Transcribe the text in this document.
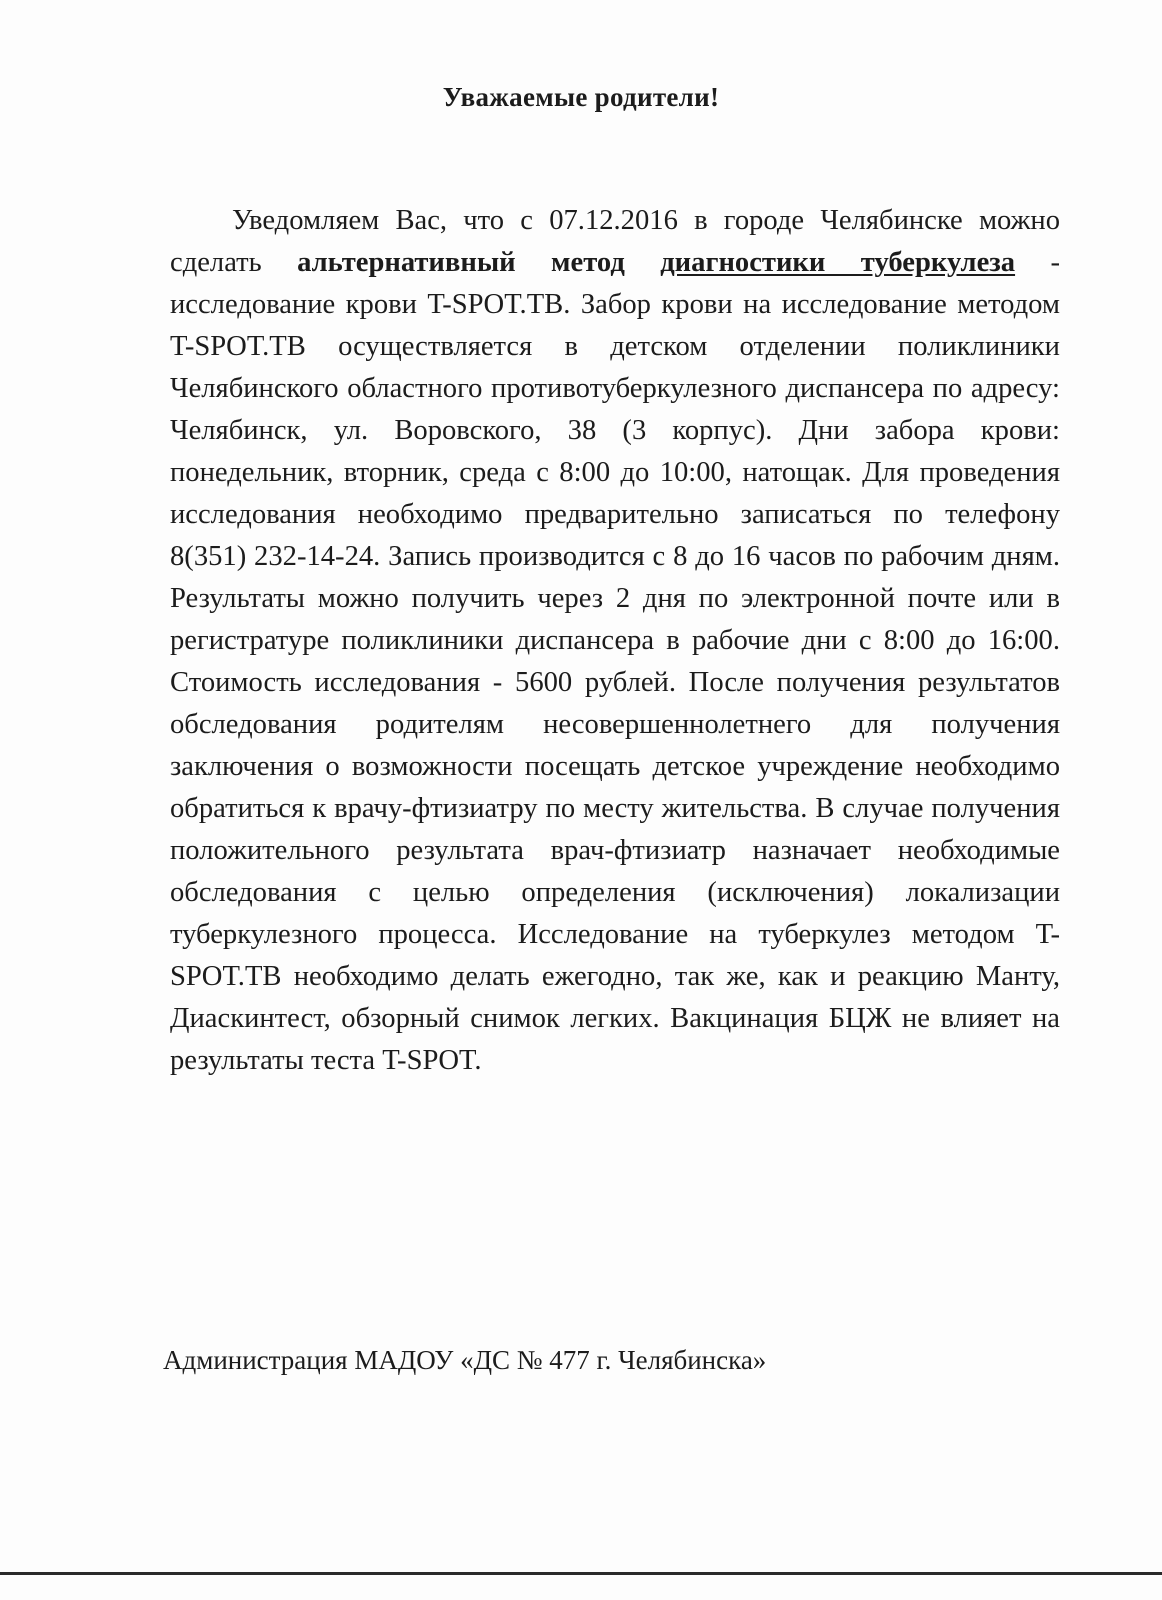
Уважаемые родители!

Уведомляем Вас, что с 07.12.2016 в городе Челябинске можно сделать альтернативный метод диагностики туберкулеза - исследование крови T-SPOT.TB. Забор крови на исследование методом T-SPOT.TB осуществляется в детском отделении поликлиники Челябинского областного противотуберкулезного диспансера по адресу: Челябинск, ул. Воровского, 38 (3 корпус). Дни забора крови: понедельник, вторник, среда с 8:00 до 10:00, натощак. Для проведения исследования необходимо предварительно записаться по телефону 8(351) 232-14-24. Запись производится с 8 до 16 часов по рабочим дням. Результаты можно получить через 2 дня по электронной почте или в регистратуре поликлиники диспансера в рабочие дни с 8:00 до 16:00. Стоимость исследования - 5600 рублей. После получения результатов обследования родителям несовершеннолетнего для получения заключения о возможности посещать детское учреждение необходимо обратиться к врачу-фтизиатру по месту жительства. В случае получения положительного результата врач-фтизиатр назначает необходимые обследования с целью определения (исключения) локализации туберкулезного процесса. Исследование на туберкулез методом T-SPOT.TB необходимо делать ежегодно, так же, как и реакцию Манту, Диаскинтест, обзорный снимок легких. Вакцинация БЦЖ не влияет на результаты теста T-SPOT.

Администрация МАДОУ «ДС № 477 г. Челябинска»
